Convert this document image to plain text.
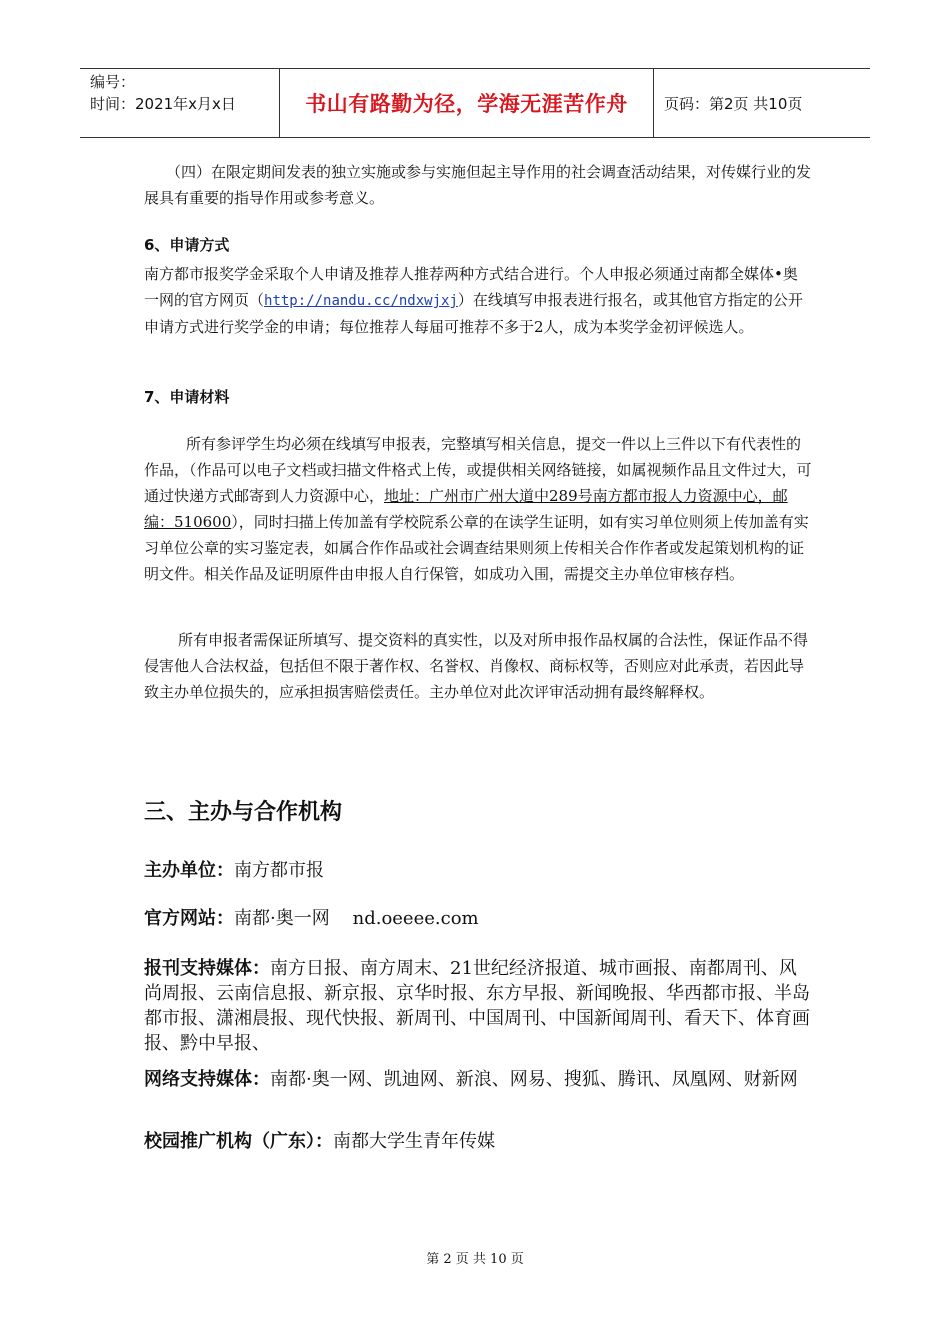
编号：
时间：2021年x月x日	书山有路勤为径，学海无涯苦作舟	页码：第2页 共10页

（四）在限定期间发表的独立实施或参与实施但起主导作用的社会调查活动结果，对传媒行业的发展具有重要的指导作用或参考意义。

6、申请方式

南方都市报奖学金采取个人申请及推荐人推荐两种方式结合进行。个人申报必须通过南都全媒体•奥一网的官方网页（http://nandu.cc/ndxwjxj）在线填写申报表进行报名，或其他官方指定的公开申请方式进行奖学金的申请；每位推荐人每届可推荐不多于2人，成为本奖学金初评候选人。

7、申请材料

所有参评学生均必须在线填写申报表，完整填写相关信息，提交一件以上三件以下有代表性的作品，（作品可以电子文档或扫描文件格式上传，或提供相关网络链接，如属视频作品且文件过大，可通过快递方式邮寄到人力资源中心，地址：广州市广州大道中289号南方都市报人力资源中心，邮编：510600），同时扫描上传加盖有学校院系公章的在读学生证明，如有实习单位则须上传加盖有实习单位公章的实习鉴定表，如属合作作品或社会调查结果则须上传相关合作作者或发起策划机构的证明文件。相关作品及证明原件由申报人自行保管，如成功入围，需提交主办单位审核存档。

所有申报者需保证所填写、提交资料的真实性，以及对所申报作品权属的合法性，保证作品不得侵害他人合法权益，包括但不限于著作权、名誉权、肖像权、商标权等，否则应对此承责，若因此导致主办单位损失的，应承担损害赔偿责任。主办单位对此次评审活动拥有最终解释权。

三、主办与合作机构

主办单位：南方都市报

官方网站：南都·奥一网    nd.oeeee.com

报刊支持媒体：南方日报、南方周末、21世纪经济报道、城市画报、南都周刊、风尚周报、云南信息报、新京报、京华时报、东方早报、新闻晚报、华西都市报、半岛都市报、潇湘晨报、现代快报、新周刊、中国周刊、中国新闻周刊、看天下、体育画报、黔中早报、

网络支持媒体：南都·奥一网、凯迪网、新浪、网易、搜狐、腾讯、凤凰网、财新网

校园推广机构（广东）：南都大学生青年传媒

第 2 页 共 10 页
